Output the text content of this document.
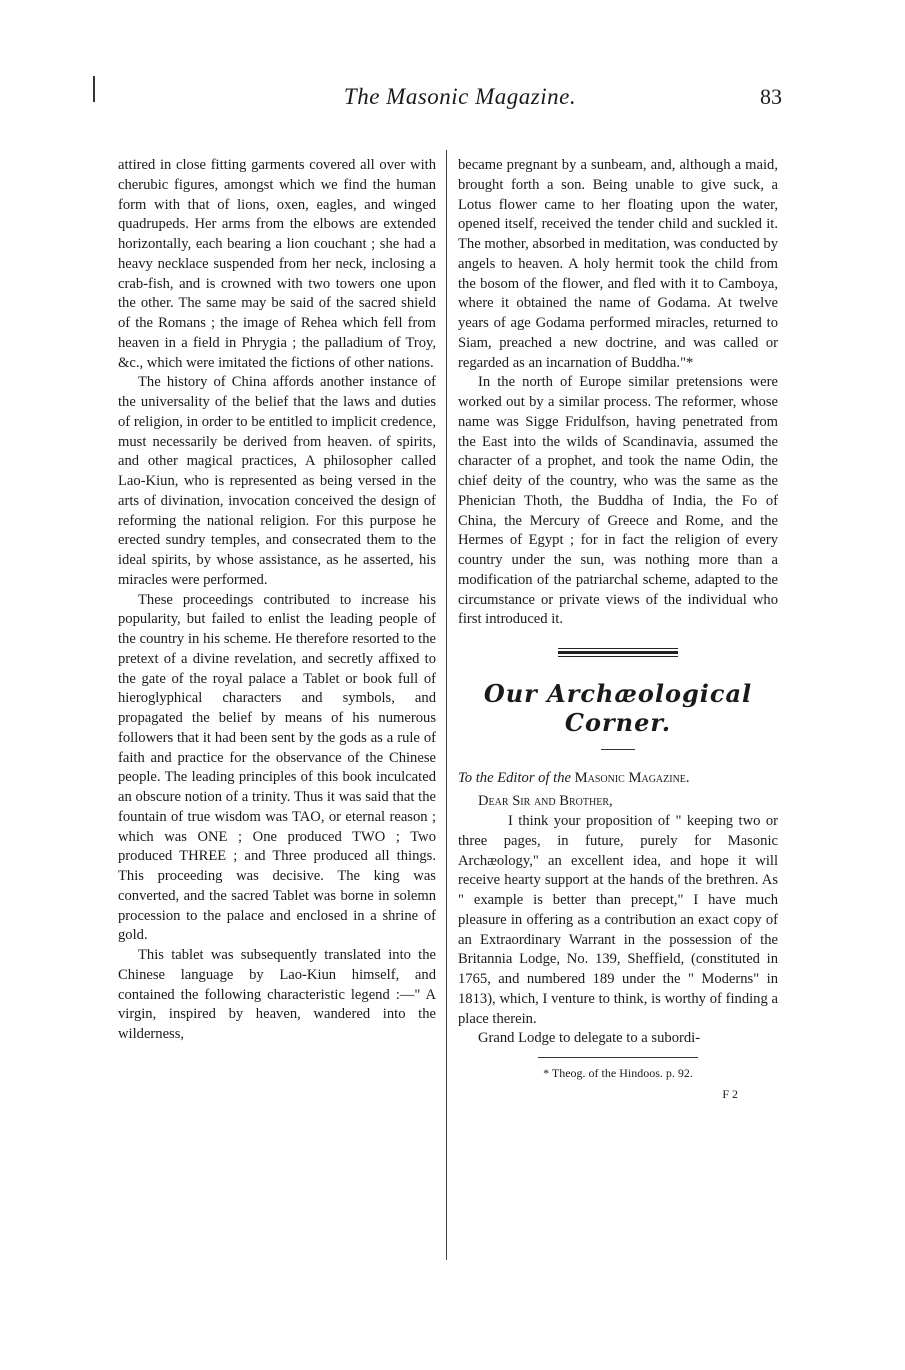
The Masonic Magazine.	83

attired in close fitting garments covered all over with cherubic figures, amongst which we find the human form with that of lions, oxen, eagles, and winged quadrupeds. Her arms from the elbows are extended horizontally, each bearing a lion couchant ; she had a heavy necklace suspended from her neck, inclosing a crab-fish, and is crowned with two towers one upon the other. The same may be said of the sacred shield of the Romans ; the image of Rehea which fell from heaven in a field in Phrygia ; the palladium of Troy, &c., which were imitated the fictions of other nations.

The history of China affords another instance of the universality of the belief that the laws and duties of religion, in order to be entitled to implicit credence, must necessarily be derived from heaven. of spirits, and other magical practices, A philosopher called Lao-Kiun, who is represented as being versed in the arts of divination, invocation conceived the design of reforming the national religion. For this purpose he erected sundry temples, and consecrated them to the ideal spirits, by whose assistance, as he asserted, his miracles were performed.

These proceedings contributed to increase his popularity, but failed to enlist the leading people of the country in his scheme. He therefore resorted to the pretext of a divine revelation, and secretly affixed to the gate of the royal palace a Tablet or book full of hieroglyphical characters and symbols, and propagated the belief by means of his numerous followers that it had been sent by the gods as a rule of faith and practice for the observance of the Chinese people. The leading principles of this book inculcated an obscure notion of a trinity. Thus it was said that the fountain of true wisdom was TAO, or eternal reason ; which was ONE ; One produced TWO ; Two produced THREE ; and Three produced all things. This proceeding was decisive. The king was converted, and the sacred Tablet was borne in solemn procession to the palace and enclosed in a shrine of gold.

This tablet was subsequently translated into the Chinese language by Lao-Kiun himself, and contained the following characteristic legend :—" A virgin, inspired by heaven, wandered into the wilderness,

became pregnant by a sunbeam, and, although a maid, brought forth a son. Being unable to give suck, a Lotus flower came to her floating upon the water, opened itself, received the tender child and suckled it. The mother, absorbed in meditation, was conducted by angels to heaven. A holy hermit took the child from the bosom of the flower, and fled with it to Camboya, where it obtained the name of Godama. At twelve years of age Godama performed miracles, returned to Siam, preached a new doctrine, and was called or regarded as an incarnation of Buddha."*

In the north of Europe similar pretensions were worked out by a similar process. The reformer, whose name was Sigge Fridulfson, having penetrated from the East into the wilds of Scandinavia, assumed the character of a prophet, and took the name Odin, the chief deity of the country, who was the same as the Phenician Thoth, the Buddha of India, the Fo of China, the Mercury of Greece and Rome, and the Hermes of Egypt ; for in fact the religion of every country under the sun, was nothing more than a modification of the patriarchal scheme, adapted to the circumstance or private views of the individual who first introduced it.

Our Archæological Corner.

To the Editor of the Masonic Magazine.

Dear Sir and Brother,

I think your proposition of " keeping two or three pages, in future, purely for Masonic Archæology," an excellent idea, and hope it will receive hearty support at the hands of the brethren. As " example is better than precept," I have much pleasure in offering as a contribution an exact copy of an Extraordinary Warrant in the possession of the Britannia Lodge, No. 139, Sheffield, (constituted in 1765, and numbered 189 under the " Moderns" in 1813), which, I venture to think, is worthy of finding a place therein.

Grand Lodge to delegate to a subordi-

* Theog. of the Hindoos. p. 92.

F 2
